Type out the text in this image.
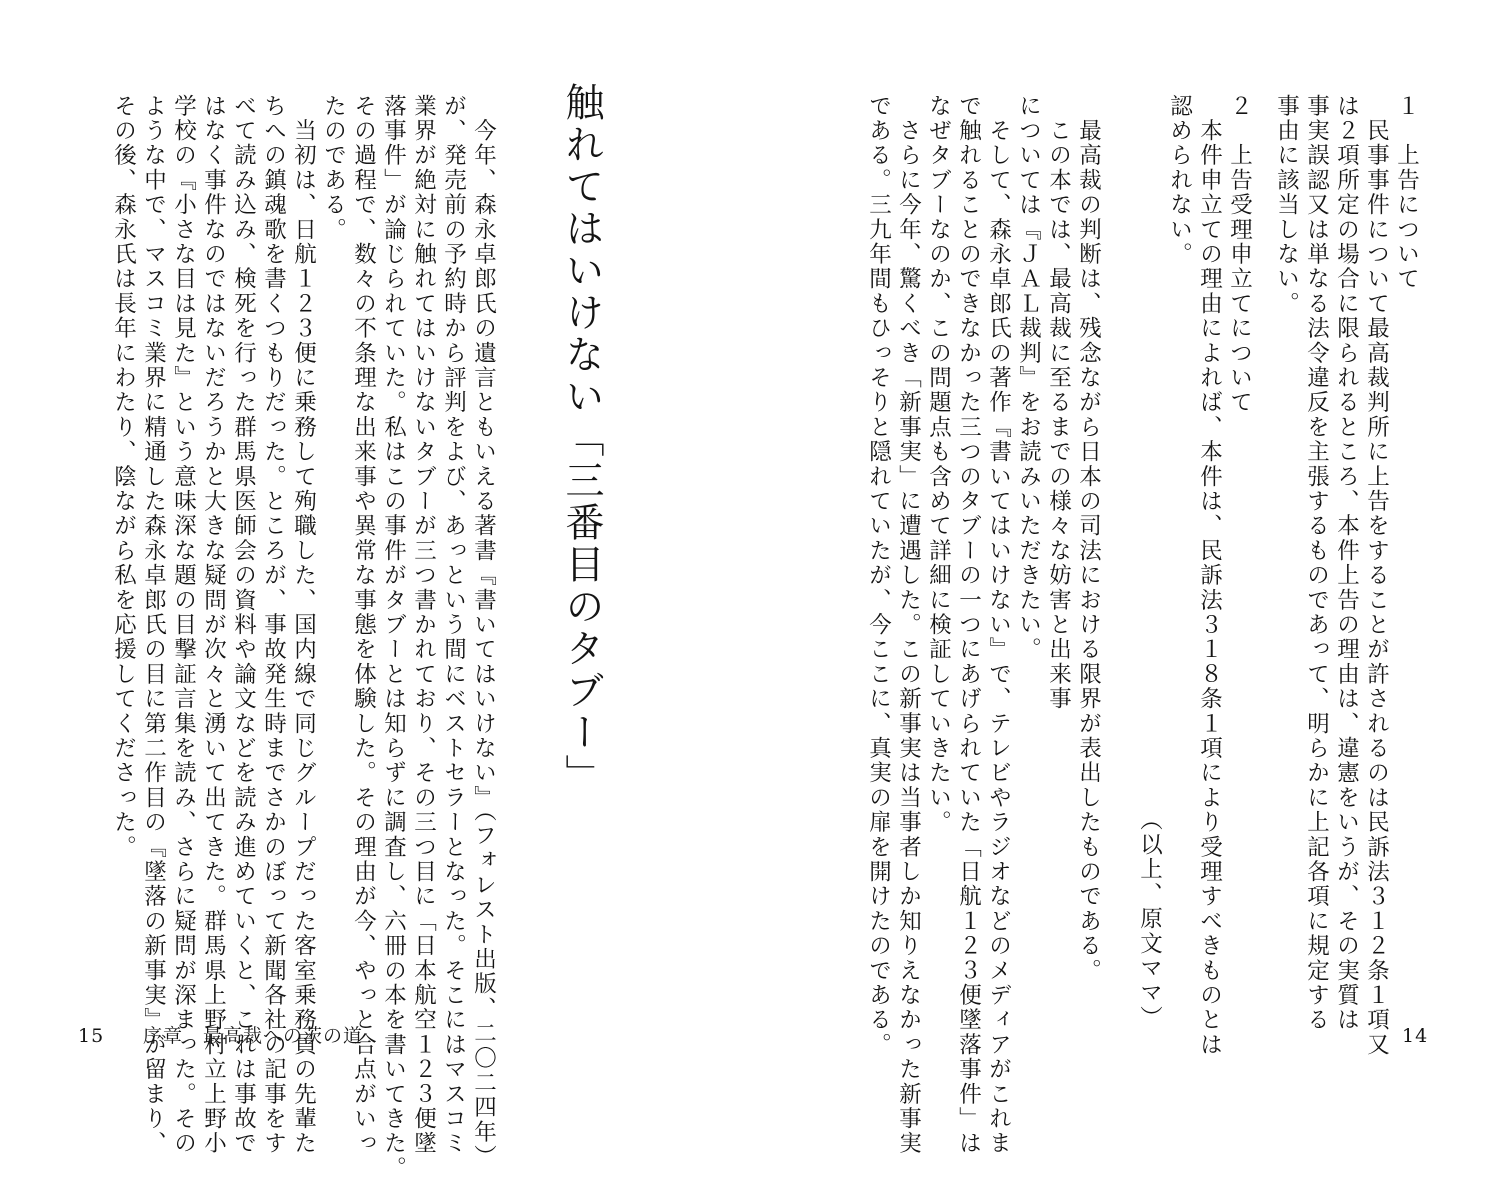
１　上告について
　民事事件について最高裁判所に上告をすることが許されるのは民訴法３１２条１項又
は２項所定の場合に限られるところ、本件上告の理由は、違憲をいうが、その実質は
事実誤認又は単なる法令違反を主張するものであって、明らかに上記各項に規定する
事由に該当しない。
２　上告受理申立てについて
　本件申立ての理由によれば、本件は、民訴法３１８条１項により受理すべきものとは
認められない。
（以上、原文ママ）
　最高裁の判断は、残念ながら日本の司法における限界が表出したものである。
　この本では、最高裁に至るまでの様々な妨害と出来事
については『ＪＡＬ裁判』をお読みいただきたい。
　そして、森永卓郎氏の著作『書いてはいけない』で、テレビやラジオなどのメディアがこれま
で触れることのできなかった三つのタブーの一つにあげられていた「日航１２３便墜落事件」は
なぜタブーなのか、この問題点も含めて詳細に検証していきたい。
　さらに今年、驚くべき「新事実」に遭遇した。この新事実は当事者しか知りえなかった新事実
である。三九年間もひっそりと隠れていたが、今ここに、真実の扉を開けたのである。	14
触れてはいけない「三番目のタブー」
　今年、森永卓郎氏の遺言ともいえる著書『書いてはいけない』（フォレスト出版、二〇二四年）
が、発売前の予約時から評判をよび、あっという間にベストセラーとなった。そこにはマスコミ
業界が絶対に触れてはいけないタブーが三つ書かれており、その三つ目に「日本航空１２３便墜
落事件」が論じられていた。私はこの事件がタブーとは知らずに調査し、六冊の本を書いてきた。
その過程で、数々の不条理な出来事や異常な事態を体験した。その理由が今、やっと合点がいっ
たのである。
　当初は、日航１２３便に乗務して殉職した、国内線で同じグループだった客室乗務員の先輩た
ちへの鎮魂歌を書くつもりだった。ところが、事故発生時までさかのぼって新聞各社の記事をす
べて読み込み、検死を行った群馬県医師会の資料や論文などを読み進めていくと、これは事故で
はなく事件なのではないだろうかと大きな疑問が次々と湧いて出てきた。群馬県上野村立上野小
学校の『小さな目は見た』という意味深な題の目撃証言集を読み、さらに疑問が深まった。その
ような中で、マスコミ業界に精通した森永卓郎氏の目に第二作目の『墜落の新事実』が留まり、
その後、森永氏は長年にわたり、陰ながら私を応援してくださった。
15 序章　最高裁への茨の道
